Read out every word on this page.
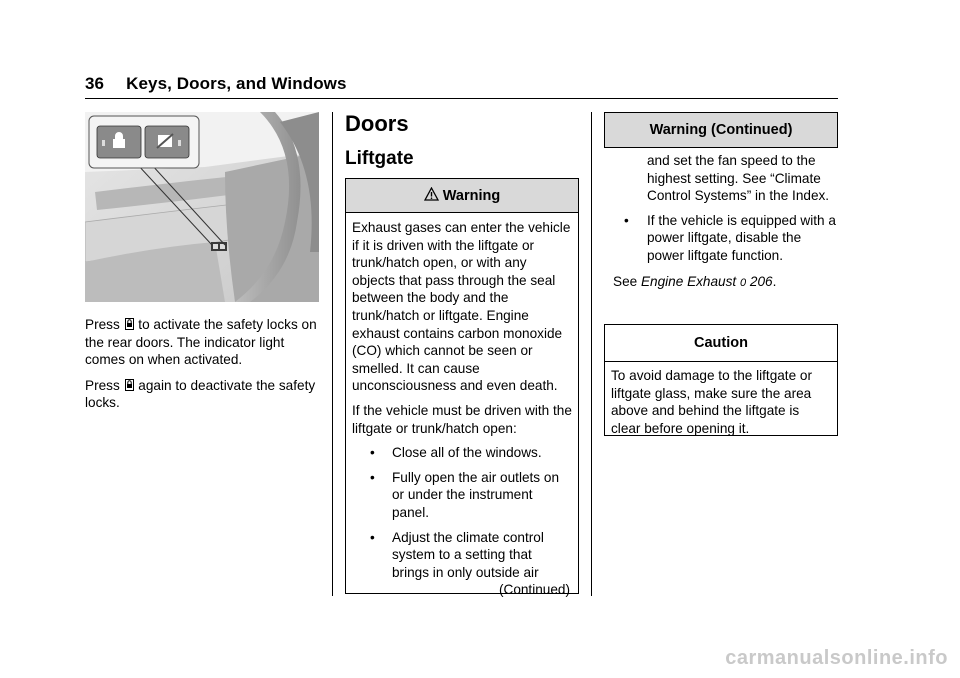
36 Keys, Doors, and Windows

Press  to activate the safety locks on the rear doors. The indicator light comes on when activated.

Press  again to deactivate the safety locks.

Doors
Liftgate
Warning

Exhaust gases can enter the vehicle if it is driven with the liftgate or trunk/hatch open, or with any objects that pass through the seal between the body and the trunk/hatch or liftgate. Engine exhaust contains carbon monoxide (CO) which cannot be seen or smelled. It can cause unconsciousness and even death.

If the vehicle must be driven with the liftgate or trunk/hatch open:

• Close all of the windows.
• Fully open the air outlets on or under the instrument panel.
• Adjust the climate control system to a setting that brings in only outside air
(Continued)
Warning (Continued)

and set the fan speed to the highest setting. See “Climate Control Systems” in the Index.

• If the vehicle is equipped with a power liftgate, disable the power liftgate function.

See Engine Exhaust 0 206.

Caution
To avoid damage to the liftgate or liftgate glass, make sure the area above and behind the liftgate is clear before opening it.
carmanualsonline.info
